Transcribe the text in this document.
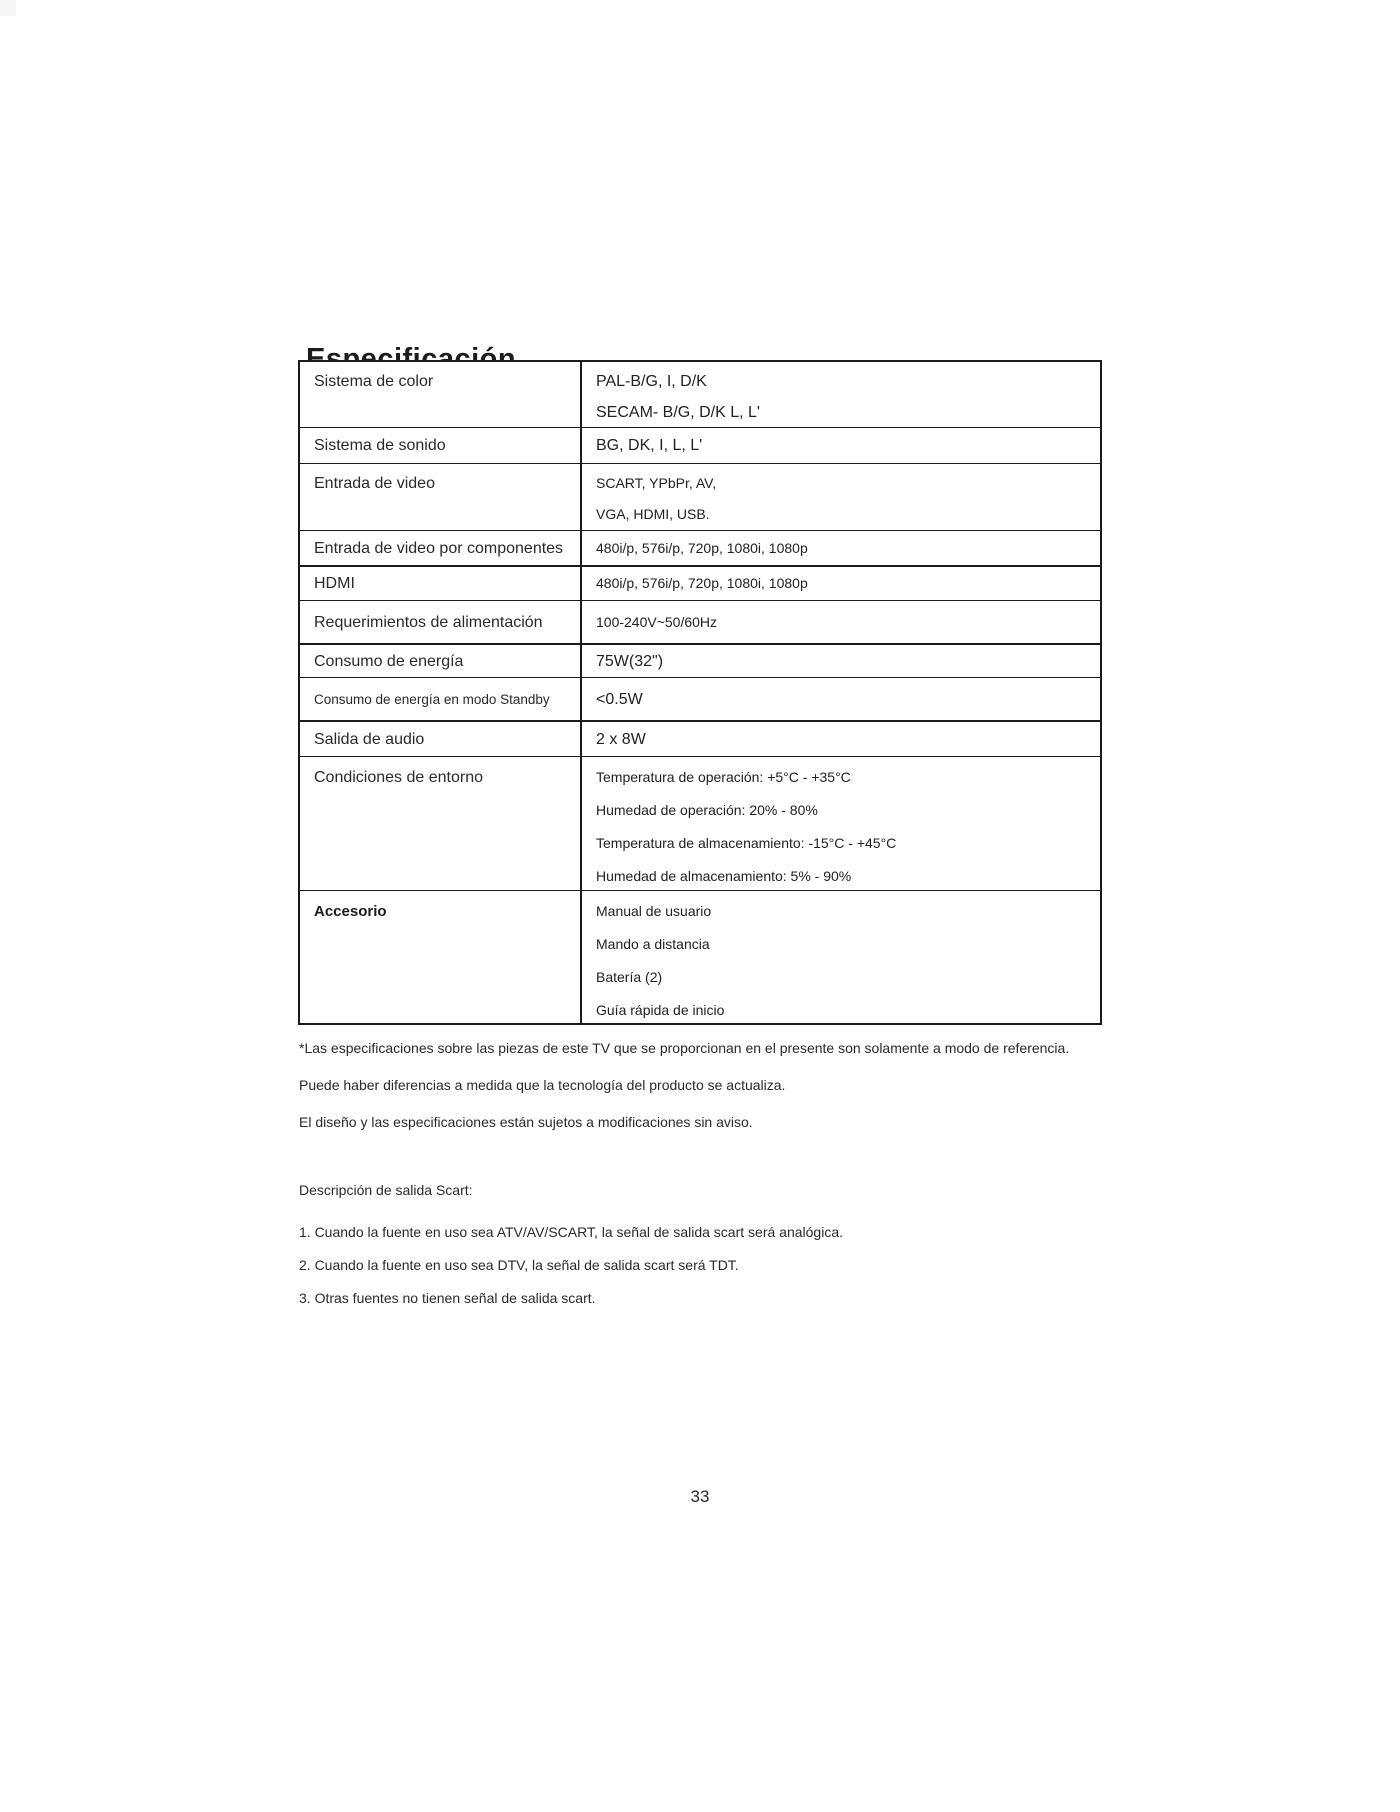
Sistema de color	PAL-B/G, I, D/K
SECAM- B/G, D/K L, L'
Sistema de sonido	BG, DK, I, L, L'
Entrada de video	SCART, YPbPr, AV,
VGA, HDMI, USB.
Entrada de video por componentes	480i/p, 576i/p, 720p, 1080i, 1080p
HDMI	480i/p, 576i/p, 720p, 1080i, 1080p
Requerimientos de alimentación	100-240V~50/60Hz
Consumo de energía	75W(32")
Consumo de energía en modo Standby	<0.5W
Salida de audio	2 x 8W
Condiciones de entorno	Temperatura de operación: +5°C - +35°C
Humedad de operación: 20% - 80%
Temperatura de almacenamiento: -15°C - +45°C
Humedad de almacenamiento: 5% - 90%
Accesorio	Manual de usuario
Mando a distancia
Batería (2)
Guía rápida de inicio
*Las especificaciones sobre las piezas de este TV que se proporcionan en el presente son solamente a modo de referencia.
Puede haber diferencias a medida que la tecnología del producto se actualiza.
El diseño y las especificaciones están sujetos a modificaciones sin aviso.
Descripción de salida Scart:
1. Cuando la fuente en uso sea ATV/AV/SCART, la señal de salida scart será analógica.
2. Cuando la fuente en uso sea DTV, la señal de salida scart será TDT.
3. Otras fuentes no tienen señal de salida scart.
33
